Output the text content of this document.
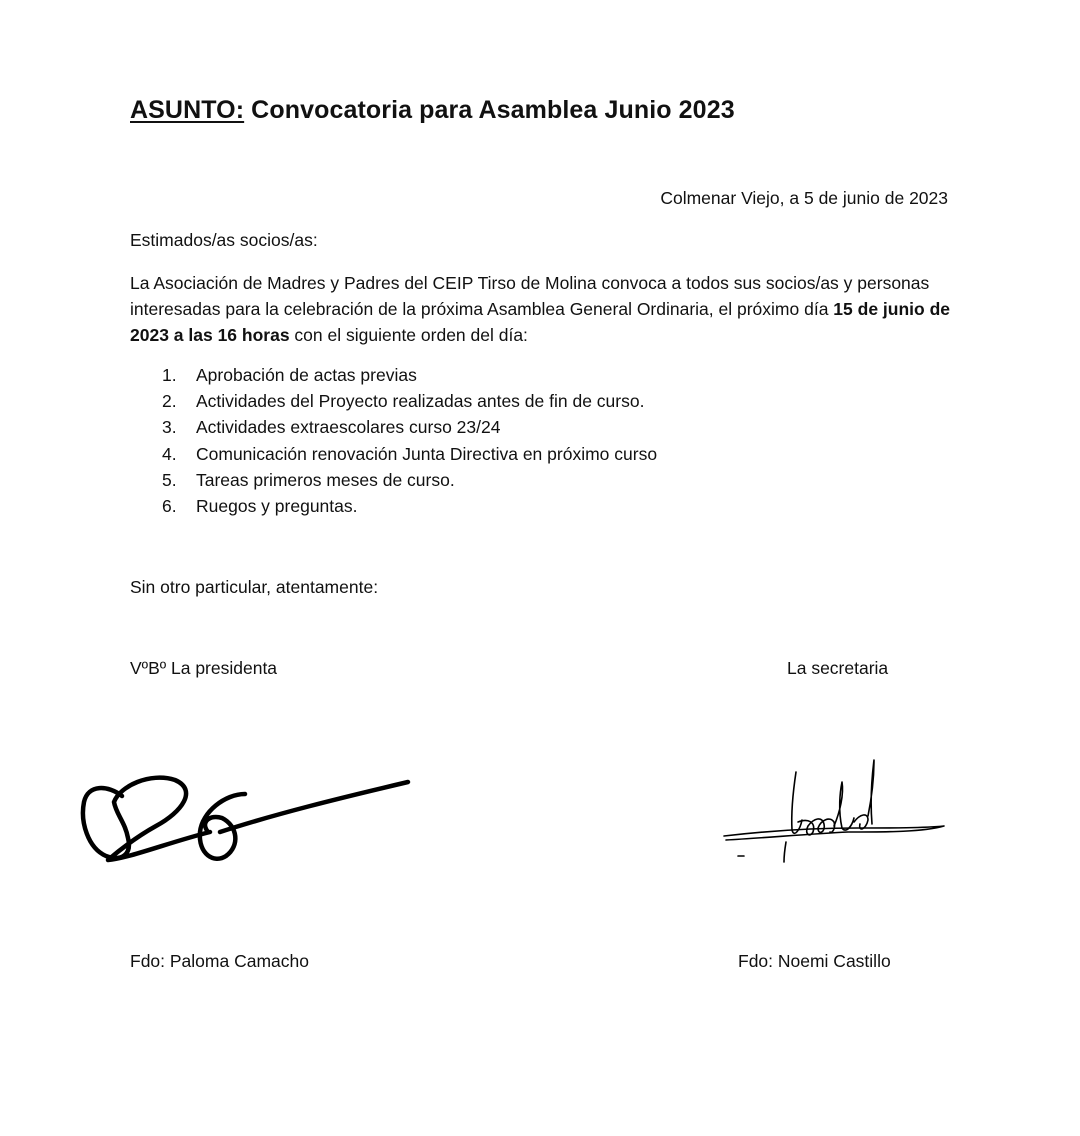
ASUNTO: Convocatoria para Asamblea Junio 2023
Colmenar Viejo, a 5 de junio de 2023
Estimados/as socios/as:
La Asociación de Madres y Padres del CEIP Tirso de Molina convoca a todos sus socios/as y personas interesadas para la celebración de la próxima Asamblea General Ordinaria, el próximo día 15 de junio de 2023 a las 16 horas con el siguiente orden del día:
1. Aprobación de actas previas
2. Actividades del Proyecto realizadas antes de fin de curso.
3. Actividades extraescolares curso 23/24
4. Comunicación renovación Junta Directiva en próximo curso
5. Tareas primeros meses de curso.
6. Ruegos y preguntas.
Sin otro particular, atentamente:
VºBº La presidenta	La secretaria
Fdo: Paloma Camacho	Fdo: Noemi Castillo
